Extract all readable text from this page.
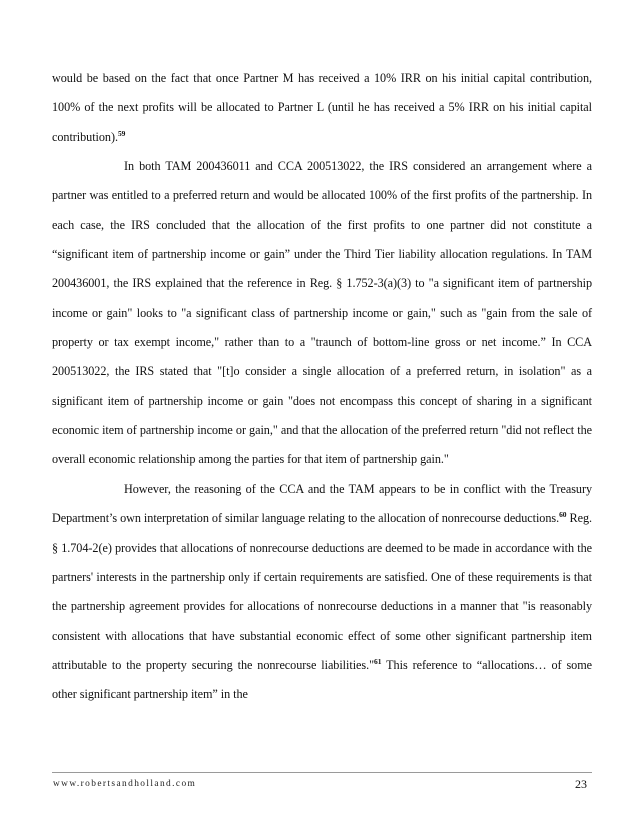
would be based on the fact that once Partner M has received a 10% IRR on his initial capital contribution, 100% of the next profits will be allocated to Partner L (until he has received a 5% IRR on his initial capital contribution).$^{59}$

In both TAM 200436011 and CCA 200513022, the IRS considered an arrangement where a partner was entitled to a preferred return and would be allocated 100% of the first profits of the partnership. In each case, the IRS concluded that the allocation of the first profits to one partner did not constitute a “significant item of partnership income or gain” under the Third Tier liability allocation regulations. In TAM 200436001, the IRS explained that the reference in Reg. § 1.752-3(a)(3) to "a significant item of partnership income or gain" looks to "a significant class of partnership income or gain," such as "gain from the sale of property or tax exempt income," rather than to a "traunch of bottom-line gross or net income.” In CCA 200513022, the IRS stated that "[t]o consider a single allocation of a preferred return, in isolation" as a significant item of partnership income or gain "does not encompass this concept of sharing in a significant economic item of partnership income or gain," and that the allocation of the preferred return "did not reflect the overall economic relationship among the parties for that item of partnership gain."

However, the reasoning of the CCA and the TAM appears to be in conflict with the Treasury Department’s own interpretation of similar language relating to the allocation of nonrecourse deductions.$^{60}$ Reg. § 1.704-2(e) provides that allocations of nonrecourse deductions are deemed to be made in accordance with the partners' interests in the partnership only if certain requirements are satisfied. One of these requirements is that the partnership agreement provides for allocations of nonrecourse deductions in a manner that "is reasonably consistent with allocations that have substantial economic effect of some other significant partnership item attributable to the property securing the nonrecourse liabilities."$^{61}$ This reference to “allocations… of some other significant partnership item” in the

www.robertsandholland.com	23
